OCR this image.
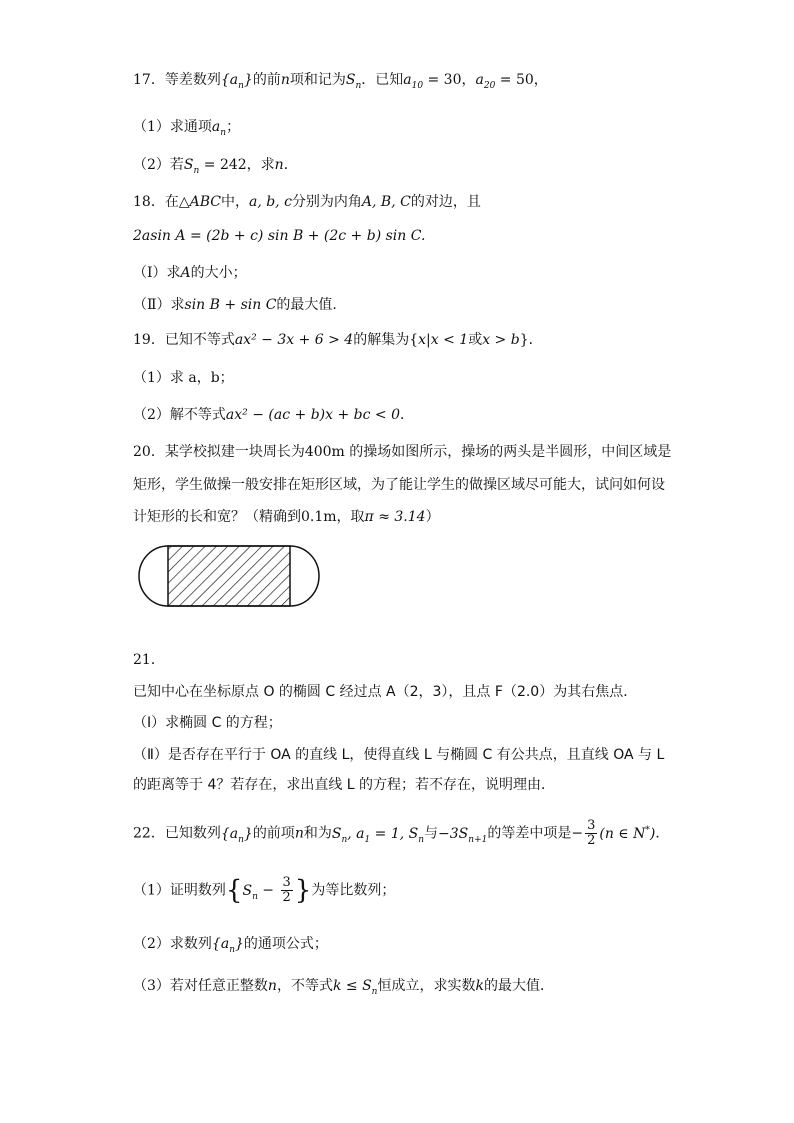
17．等差数列$\{a_n\}$的前n项和记为$S_n$．已知$a_{10} = 30$，$a_{20} = 50$，
（1）求通项$a_n$；
（2）若$S_n = 242$，求n．
18．在△ABC中，a, b, c分别为内角A, B, C的对边，且
2asin A = (2b + c) sin B + (2c + b) sin C.
（Ⅰ）求A的大小；
（Ⅱ）求sin B + sin C的最大值.
19．已知不等式ax² − 3x + 6 > 4的解集为{x|x < 1或x > b}．
（1）求 a，b；
（2）解不等式ax² − (ac + b)x + bc < 0．
20．某学校拟建一块周长为400m 的操场如图所示，操场的两头是半圆形，中间区域是
矩形，学生做操一般安排在矩形区域，为了能让学生的做操区域尽可能大，试问如何设
计矩形的长和宽？（精确到0.1m，取π ≈ 3.14）
21．
已知中心在坐标原点 O 的椭圆 C 经过点 A（2，3），且点 F（2.0）为其右焦点．
（Ⅰ）求椭圆 C 的方程；
（Ⅱ）是否存在平行于 OA 的直线 L，使得直线 L 与椭圆 C 有公共点，且直线 OA 与 L
的距离等于 4？若存在，求出直线 L 的方程；若不存在，说明理由．
22．已知数列$\{a_n\}$的前项n和为$S_n$, $a_1 = 1$, $S_n$与$-3S_{n+1}$的等差中项是− $\frac{3}{2} (n$ ∈ N*)．
（1）证明数列{$S_n - \frac{3}{2}$ }为等比数列；
（2）求数列$\{a_n\}$的通项公式；
（3）若对任意正整数n，不等式$k \le S_n$恒成立，求实数k的最大值．
